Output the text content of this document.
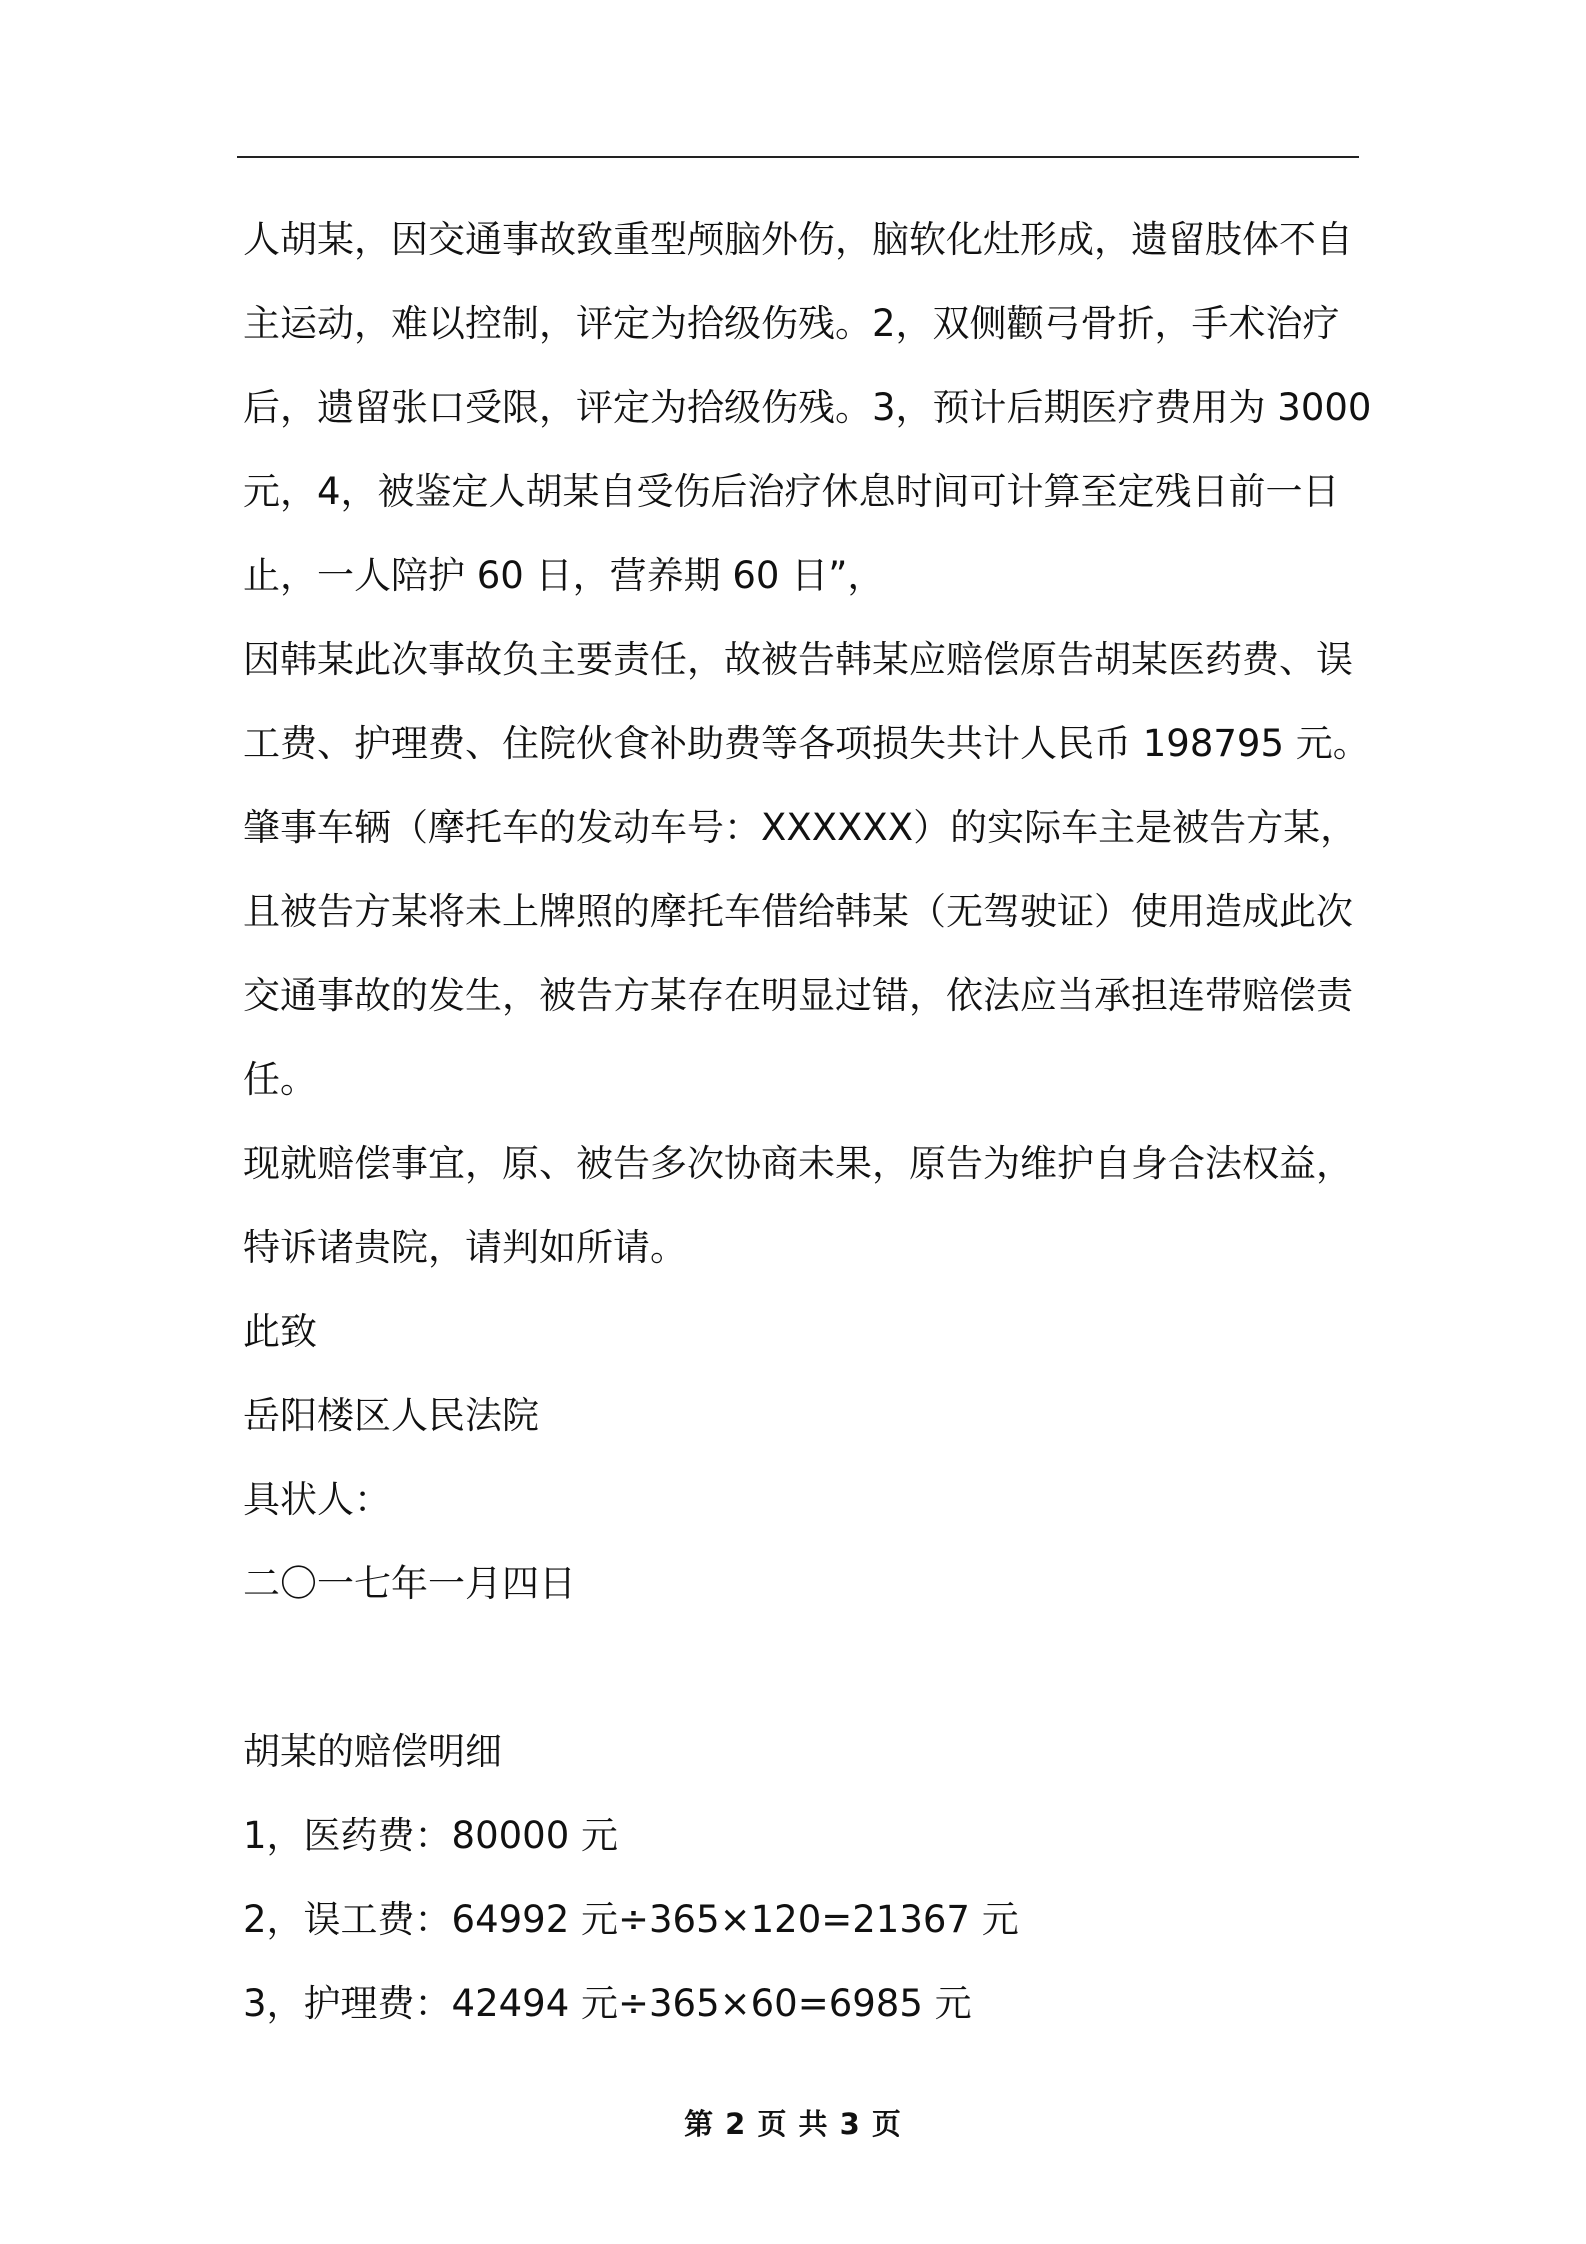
人胡某，因交通事故致重型颅脑外伤，脑软化灶形成，遗留肢体不自

主运动，难以控制，评定为拾级伤残。2，双侧颧弓骨折，手术治疗

后，遗留张口受限，评定为拾级伤残。3，预计后期医疗费用为 3000

元，4，被鉴定人胡某自受伤后治疗休息时间可计算至定残日前一日

止，一人陪护 60 日，营养期 60 日”，

因韩某此次事故负主要责任，故被告韩某应赔偿原告胡某医药费、误

工费、护理费、住院伙食补助费等各项损失共计人民币 198795 元。

肇事车辆（摩托车的发动车号：XXXXXX）的实际车主是被告方某，

且被告方某将未上牌照的摩托车借给韩某（无驾驶证）使用造成此次

交通事故的发生，被告方某存在明显过错，依法应当承担连带赔偿责

任。

现就赔偿事宜，原、被告多次协商未果，原告为维护自身合法权益，

特诉诸贵院，请判如所请。

此致

岳阳楼区人民法院

具状人：

二〇一七年一月四日

胡某的赔偿明细

1，医药费：80000 元

2，误工费：64992 元÷365×120=21367 元

3，护理费：42494 元÷365×60=6985 元

第 2 页 共 3 页
